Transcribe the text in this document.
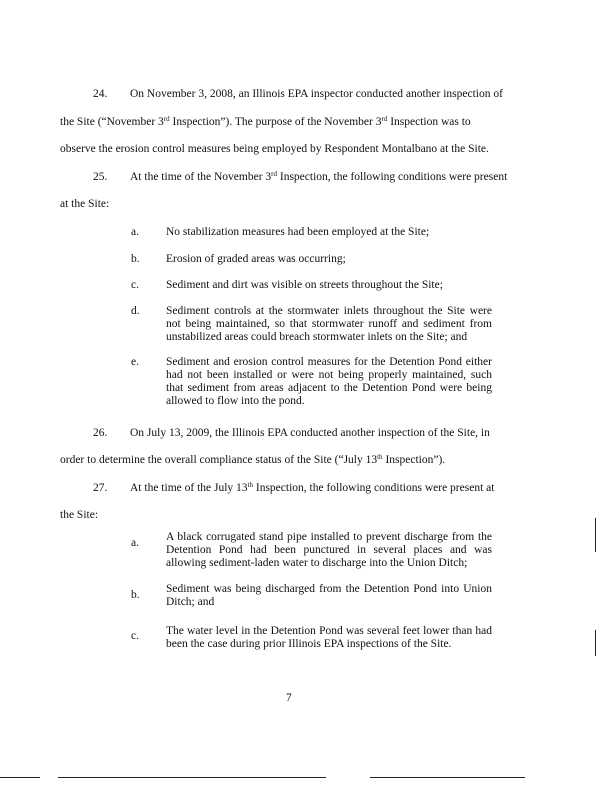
24. On November 3, 2008, an Illinois EPA inspector conducted another inspection of
the Site (“November 3rd Inspection”). The purpose of the November 3rd Inspection was to
observe the erosion control measures being employed by Respondent Montalbano at the Site.
25. At the time of the November 3rd Inspection, the following conditions were present
at the Site:
a. No stabilization measures had been employed at the Site;
b. Erosion of graded areas was occurring;
c. Sediment and dirt was visible on streets throughout the Site;
d. Sediment controls at the stormwater inlets throughout the Site were not being maintained, so that stormwater runoff and sediment from unstabilized areas could breach stormwater inlets on the Site; and
e. Sediment and erosion control measures for the Detention Pond either had not been installed or were not being properly maintained, such that sediment from areas adjacent to the Detention Pond were being allowed to flow into the pond.
26. On July 13, 2009, the Illinois EPA conducted another inspection of the Site, in
order to determine the overall compliance status of the Site (“July 13th Inspection”).
27. At the time of the July 13th Inspection, the following conditions were present at
the Site:
a. A black corrugated stand pipe installed to prevent discharge from the Detention Pond had been punctured in several places and was allowing sediment-laden water to discharge into the Union Ditch;
b. Sediment was being discharged from the Detention Pond into Union Ditch; and
c. The water level in the Detention Pond was several feet lower than had been the case during prior Illinois EPA inspections of the Site.
7
